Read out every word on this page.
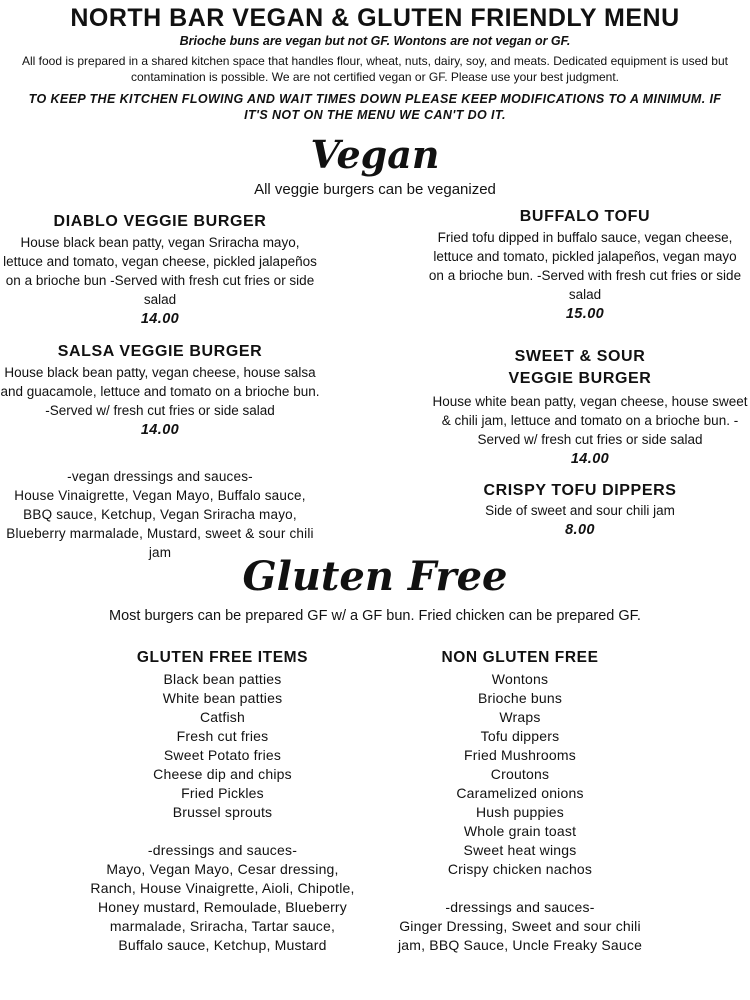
NORTH BAR VEGAN & GLUTEN FRIENDLY MENU
Brioche buns are vegan but not GF. Wontons are not vegan or GF.
All food is prepared in a shared kitchen space that handles flour, wheat, nuts, dairy, soy, and meats. Dedicated equipment is used but contamination is possible. We are not certified vegan or GF. Please use your best judgment.
TO KEEP THE KITCHEN FLOWING AND WAIT TIMES DOWN PLEASE KEEP MODIFICATIONS TO A MINIMUM. IF IT'S NOT ON THE MENU WE CAN'T DO IT.
Vegan
All veggie burgers can be veganized
DIABLO VEGGIE BURGER
House black bean patty, vegan Sriracha mayo, lettuce and tomato, vegan cheese, pickled jalapeños on a brioche bun -Served with fresh cut fries or side salad
14.00
SALSA VEGGIE BURGER
House black bean patty, vegan cheese, house salsa and guacamole, lettuce and tomato on a brioche bun. -Served w/ fresh cut fries or side salad
14.00
-vegan dressings and sauces-
House Vinaigrette, Vegan Mayo, Buffalo sauce, BBQ sauce, Ketchup, Vegan Sriracha mayo, Blueberry marmalade, Mustard, sweet & sour chili jam
BUFFALO TOFU
Fried tofu dipped in buffalo sauce, vegan cheese, lettuce and tomato, pickled jalapeños, vegan mayo on a brioche bun. -Served with fresh cut fries or side salad
15.00
SWEET & SOUR VEGGIE BURGER
House white bean patty, vegan cheese, house sweet & chili jam, lettuce and tomato on a brioche bun. -Served w/ fresh cut fries or side salad
14.00
CRISPY TOFU DIPPERS
Side of sweet and sour chili jam
8.00
Gluten Free
Most burgers can be prepared GF w/ a GF bun. Fried chicken can be prepared GF.
GLUTEN FREE ITEMS
Black bean patties
White bean patties
Catfish
Fresh cut fries
Sweet Potato fries
Cheese dip and chips
Fried Pickles
Brussel sprouts
-dressings and sauces-
Mayo, Vegan Mayo, Cesar dressing, Ranch, House Vinaigrette, Aioli, Chipotle, Honey mustard, Remoulade, Blueberry marmalade, Sriracha, Tartar sauce, Buffalo sauce, Ketchup, Mustard
NON GLUTEN FREE
Wontons
Brioche buns
Wraps
Tofu dippers
Fried Mushrooms
Croutons
Caramelized onions
Hush puppies
Whole grain toast
Sweet heat wings
Crispy chicken nachos
-dressings and sauces-
Ginger Dressing, Sweet and sour chili jam, BBQ Sauce, Uncle Freaky Sauce
